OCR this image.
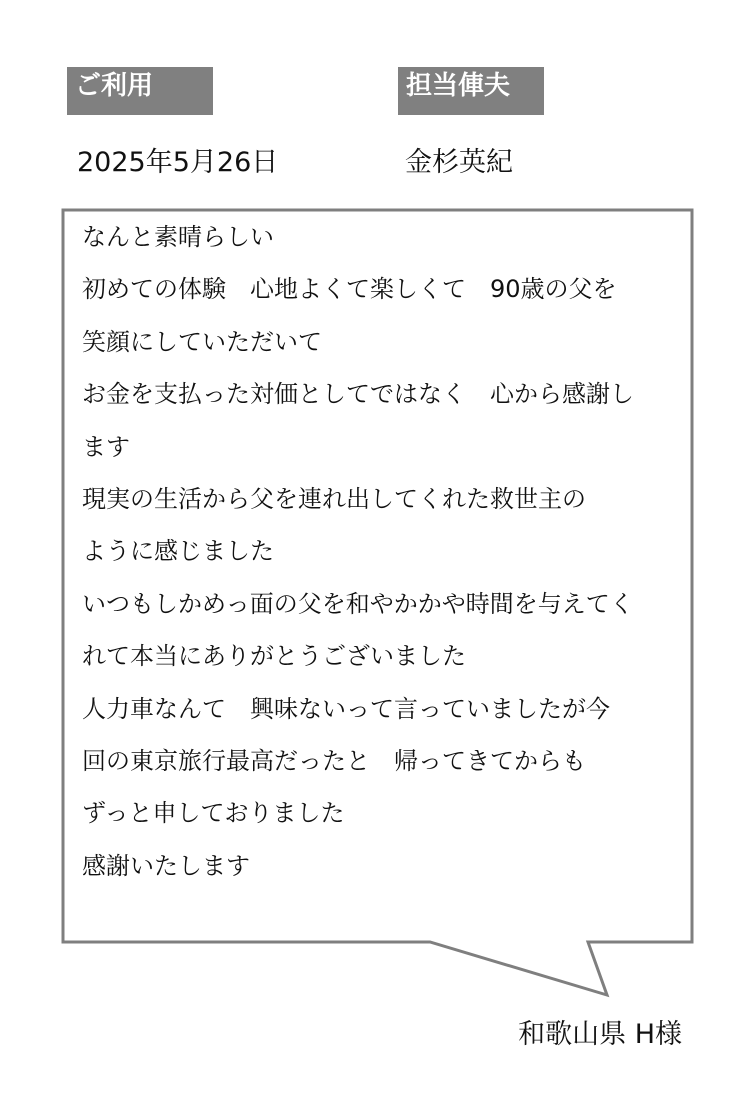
ご利用	担当俥夫
2025年5月26日	金杉英紀
なんと素晴らしい
初めての体験　心地よくて楽しくて　90歳の父を
笑顔にしていただいて
お金を支払った対価としてではなく　心から感謝し
ます
現実の生活から父を連れ出してくれた救世主の
ように感じました
いつもしかめっ面の父を和やかかや時間を与えてく
れて本当にありがとうございました
人力車なんて　興味ないって言っていましたが今
回の東京旅行最高だったと　帰ってきてからも
ずっと申しておりました
感謝いたします
和歌山県 H様
